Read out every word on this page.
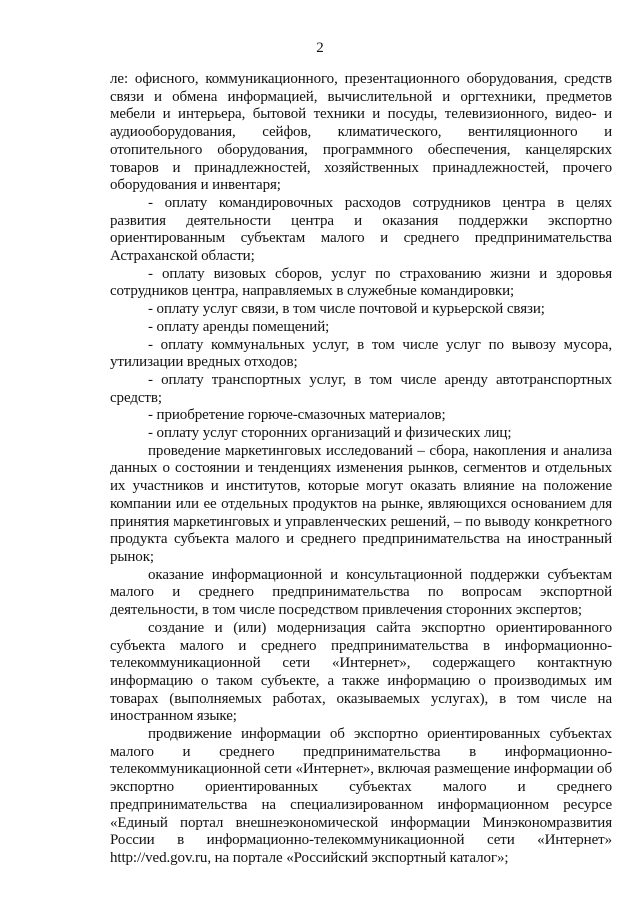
2

ле: офисного, коммуникационного, презентационного оборудования, средств связи и обмена информацией, вычислительной и оргтехники, предметов мебели и интерьера, бытовой техники и посуды, телевизионного, видео- и аудиооборудования, сейфов, климатического, вентиляционного и отопительного оборудования, программного обеспечения, канцелярских товаров и принадлежностей, хозяйственных принадлежностей, прочего оборудования и инвентаря;

- оплату командировочных расходов сотрудников центра в целях развития деятельности центра и оказания поддержки экспортно ориентированным субъектам малого и среднего предпринимательства Астраханской области;

- оплату визовых сборов, услуг по страхованию жизни и здоровья сотрудников центра, направляемых в служебные командировки;

- оплату услуг связи, в том числе почтовой и курьерской связи;

- оплату аренды помещений;

- оплату коммунальных услуг, в том числе услуг по вывозу мусора, утилизации вредных отходов;

- оплату транспортных услуг, в том числе аренду автотранспортных средств;

- приобретение горюче-смазочных материалов;

- оплату услуг сторонних организаций и физических лиц;

проведение маркетинговых исследований – сбора, накопления и анализа данных о состоянии и тенденциях изменения рынков, сегментов и отдельных их участников и институтов, которые могут оказать влияние на положение компании или ее отдельных продуктов на рынке, являющихся основанием для принятия маркетинговых и управленческих решений, – по выводу конкретного продукта субъекта малого и среднего предпринимательства на иностранный рынок;

оказание информационной и консультационной поддержки субъектам малого и среднего предпринимательства по вопросам экспортной деятельности, в том числе посредством привлечения сторонних экспертов;

создание и (или) модернизация сайта экспортно ориентированного субъекта малого и среднего предпринимательства в информационно-телекоммуникационной сети «Интернет», содержащего контактную информацию о таком субъекте, а также информацию о производимых им товарах (выполняемых работах, оказываемых услугах), в том числе на иностранном языке;

продвижение информации об экспортно ориентированных субъектах малого и среднего предпринимательства в информационно-телекоммуникационной сети «Интернет», включая размещение информации об экспортно ориентированных субъектах малого и среднего предпринимательства на специализированном информационном ресурсе «Единый портал внешнеэкономической информации Минэкономразвития России в информационно-телекоммуникационной сети «Интернет» http://ved.gov.ru, на портале «Российский экспортный каталог»;
